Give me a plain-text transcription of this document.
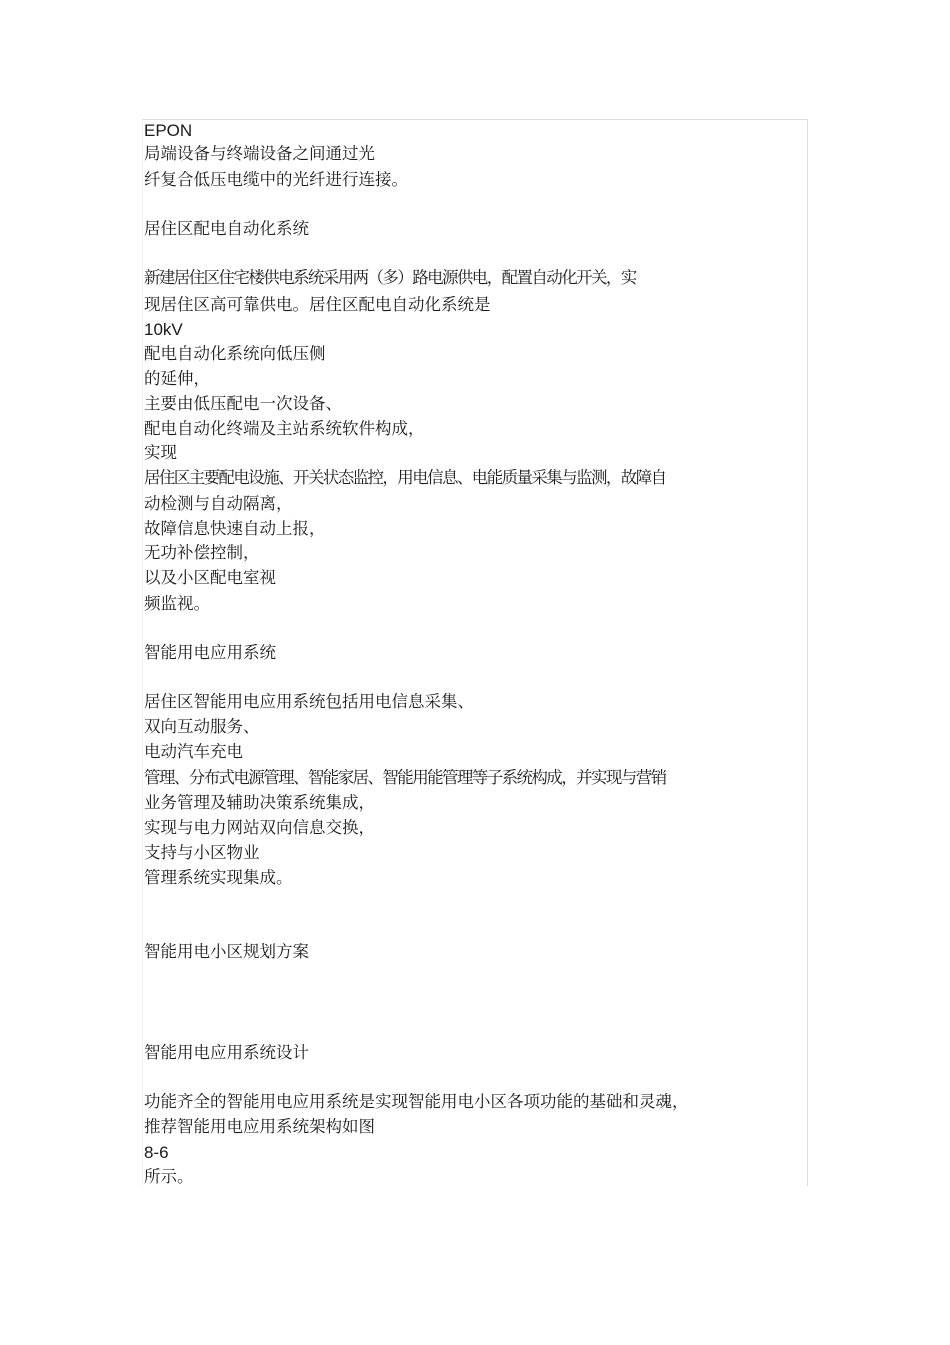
EPON
局端设备与终端设备之间通过光
纤复合低压电缆中的光纤进行连接。
居住区配电自动化系统
新建居住区住宅楼供电系统采用两（多）路电源供电，配置自动化开关，实
现居住区高可靠供电。居住区配电自动化系统是
10kV
配电自动化系统向低压侧
的延伸，
主要由低压配电一次设备、
配电自动化终端及主站系统软件构成，
实现
居住区主要配电设施、开关状态监控，用电信息、电能质量采集与监测，故障自
动检测与自动隔离，
故障信息快速自动上报，
无功补偿控制，
以及小区配电室视
频监视。
智能用电应用系统
居住区智能用电应用系统包括用电信息采集、
双向互动服务、
电动汽车充电
管理、分布式电源管理、智能家居、智能用能管理等子系统构成，并实现与营销
业务管理及辅助决策系统集成，
实现与电力网站双向信息交换，
支持与小区物业
管理系统实现集成。
智能用电小区规划方案
智能用电应用系统设计
功能齐全的智能用电应用系统是实现智能用电小区各项功能的基础和灵魂，
推荐智能用电应用系统架构如图
8-6
所示。
